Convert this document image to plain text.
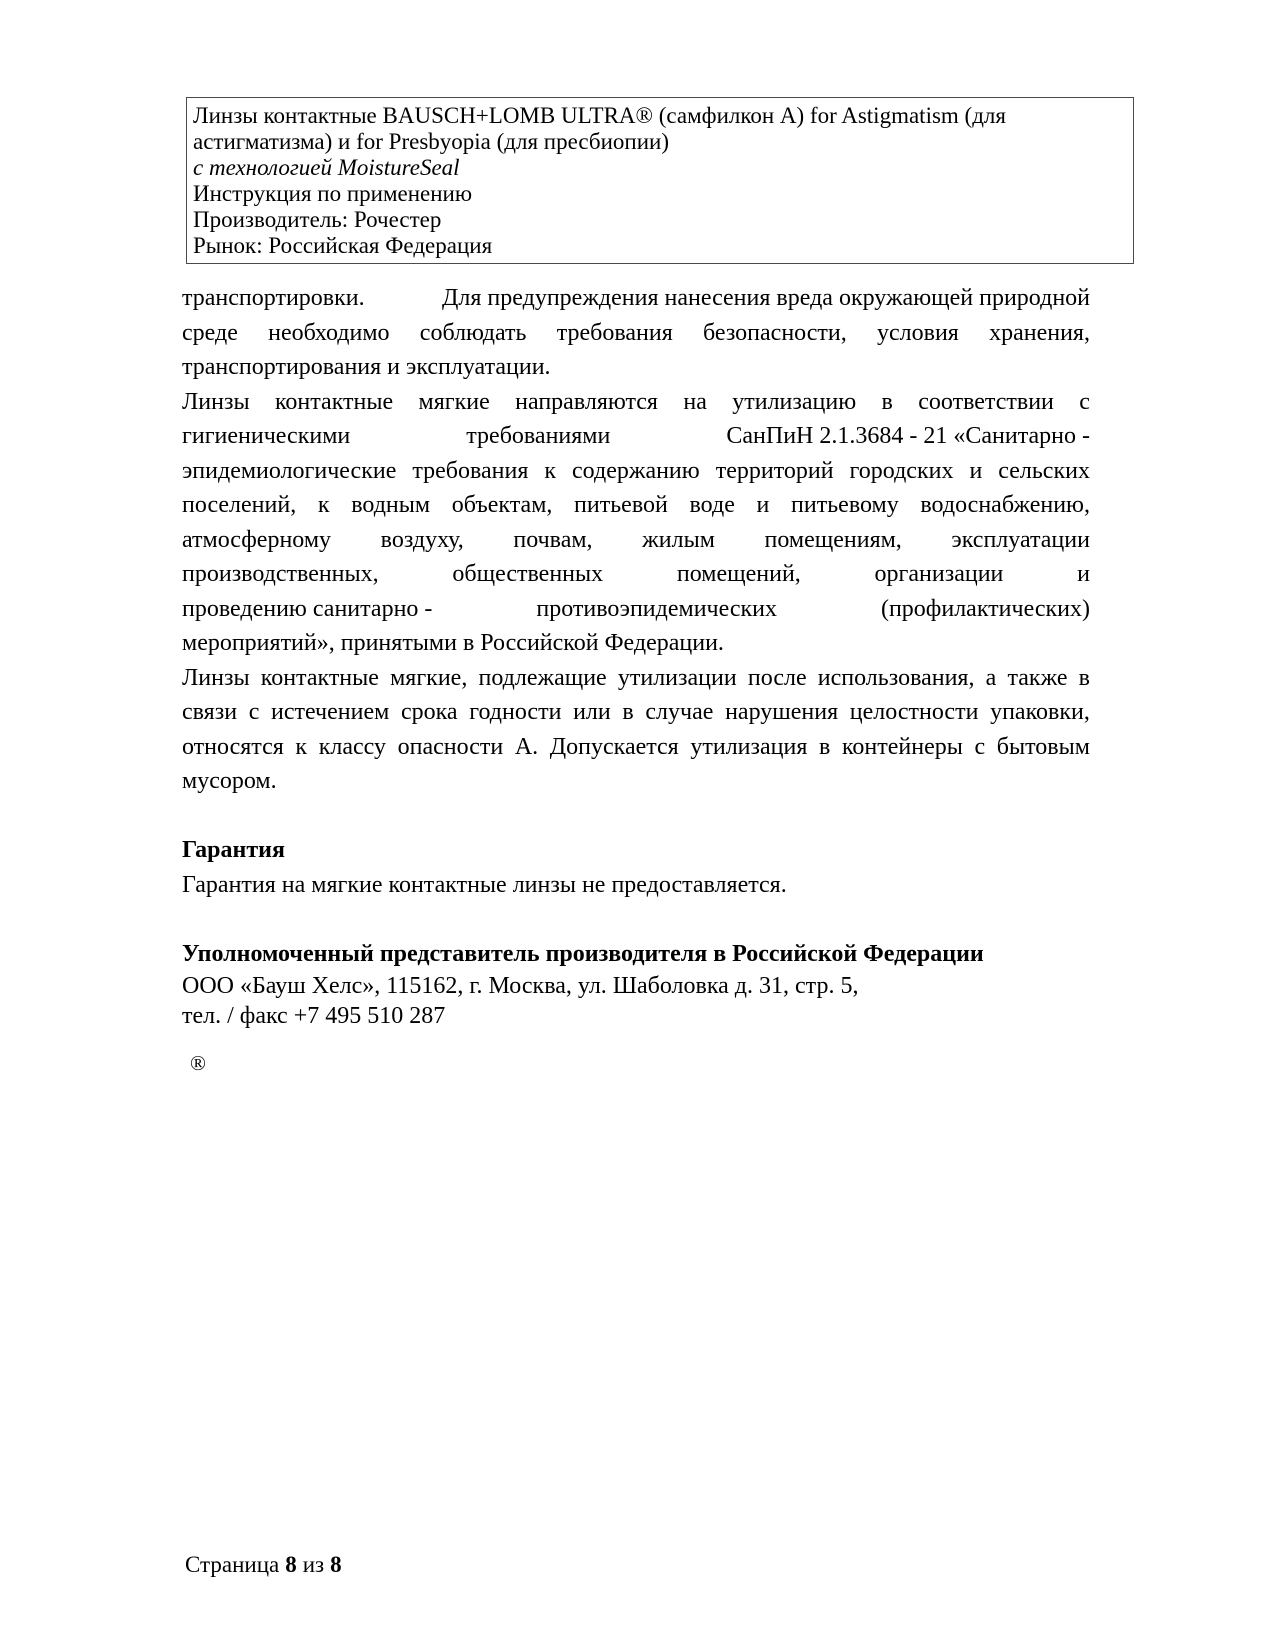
Линзы контактные BAUSCH+LOMB ULTRA® (самфилкон А) for Astigmatism (для
астигматизма) и for Presbyopia (для пресбиопии)
с технологией MoistureSeal
Инструкция по применению
Производитель: Рочестер
Рынок: Российская Федерация
транспортировки.	Для предупреждения нанесения вреда окружающей природной
среде необходимо соблюдать требования безопасности, условия хранения,
транспортирования и эксплуатации.
Линзы контактные мягкие направляются на утилизацию в соответствии с
гигиеническими	требованиями	СанПиН 2.1.3684 - 21 «Санитарно -
эпидемиологические требования к содержанию территорий городских и сельских
поселений, к водным объектам, питьевой воде и питьевому водоснабжению,
атмосферному воздуху, почвам, жилым помещениям, эксплуатации
производственных,	общественных	помещений,	организации	и
проведению санитарно -	противоэпидемических	(профилактических)
мероприятий», принятыми в Российской Федерации.
Линзы контактные мягкие, подлежащие утилизации после использования, а также в
связи с истечением срока годности или в случае нарушения целостности упаковки,
относятся к классу опасности А. Допускается утилизация в контейнеры с бытовым
мусором.
Гарантия
Гарантия на мягкие контактные линзы не предоставляется.
Уполномоченный представитель производителя в Российской Федерации
ООО «Бауш Хелс», 115162, г. Москва, ул. Шаболовка д. 31, стр. 5,
тел. / факс +7 495 510 287
®
Страница 8 из 8
